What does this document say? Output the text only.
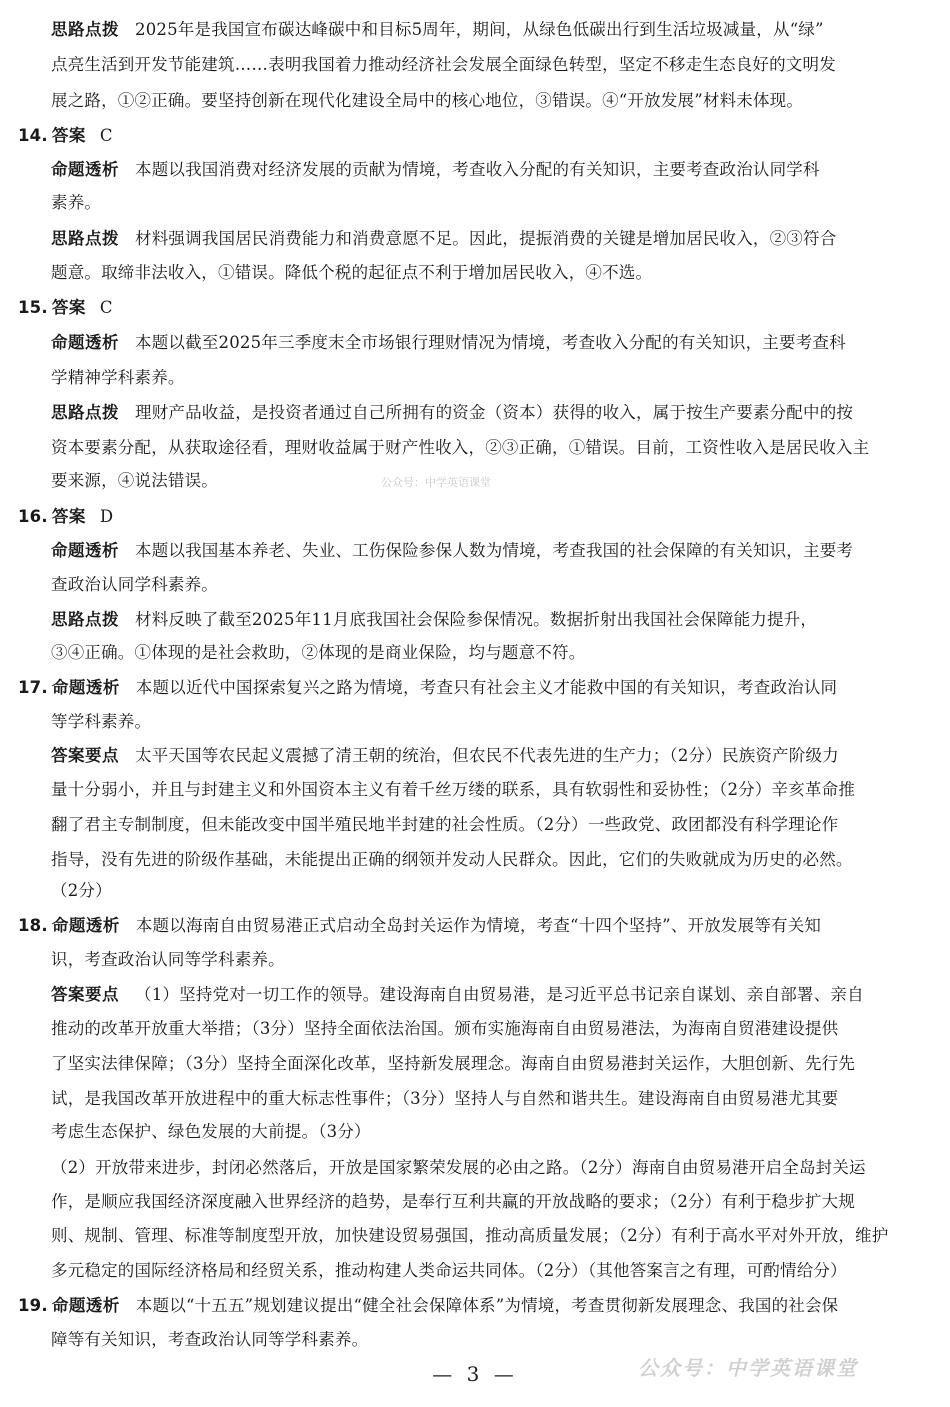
思路点拨 2025年是我国宣布碳达峰碳中和目标5周年，期间，从绿色低碳出行到生活垃圾减量，从“绿”
点亮生活到开发节能建筑……表明我国着力推动经济社会发展全面绿色转型，坚定不移走生态良好的文明发
展之路，①②正确。要坚持创新在现代化建设全局中的核心地位，③错误。④“开放发展”材料未体现。
14. 答案 C
命题透析 本题以我国消费对经济发展的贡献为情境，考查收入分配的有关知识，主要考查政治认同学科
素养。
思路点拨 材料强调我国居民消费能力和消费意愿不足。因此，提振消费的关键是增加居民收入，②③符合
题意。取缔非法收入，①错误。降低个税的起征点不利于增加居民收入，④不选。
15. 答案 C
命题透析 本题以截至2025年三季度末全市场银行理财情况为情境，考查收入分配的有关知识，主要考查科
学精神学科素养。
思路点拨 理财产品收益，是投资者通过自己所拥有的资金（资本）获得的收入，属于按生产要素分配中的按
资本要素分配，从获取途径看，理财收益属于财产性收入，②③正确，①错误。目前，工资性收入是居民收入主
要来源，④说法错误。
16. 答案 D
命题透析 本题以我国基本养老、失业、工伤保险参保人数为情境，考查我国的社会保障的有关知识，主要考
查政治认同学科素养。
思路点拨 材料反映了截至2025年11月底我国社会保险参保情况。数据折射出我国社会保障能力提升，
③④正确。①体现的是社会救助，②体现的是商业保险，均与题意不符。
17. 命题透析 本题以近代中国探索复兴之路为情境，考查只有社会主义才能救中国的有关知识，考查政治认同
等学科素养。
答案要点 太平天国等农民起义震撼了清王朝的统治，但农民不代表先进的生产力；（2分）民族资产阶级力
量十分弱小，并且与封建主义和外国资本主义有着千丝万缕的联系，具有软弱性和妥协性；（2分）辛亥革命推
翻了君主专制制度，但未能改变中国半殖民地半封建的社会性质。（2分）一些政党、政团都没有科学理论作
指导，没有先进的阶级作基础，未能提出正确的纲领并发动人民群众。因此，它们的失败就成为历史的必然。
（2分）
18. 命题透析 本题以海南自由贸易港正式启动全岛封关运作为情境，考查“十四个坚持”、开放发展等有关知
识，考查政治认同等学科素养。
答案要点 （1）坚持党对一切工作的领导。建设海南自由贸易港，是习近平总书记亲自谋划、亲自部署、亲自
推动的改革开放重大举措；（3分）坚持全面依法治国。颁布实施海南自由贸易港法，为海南自贸港建设提供
了坚实法律保障；（3分）坚持全面深化改革，坚持新发展理念。海南自由贸易港封关运作，大胆创新、先行先
试，是我国改革开放进程中的重大标志性事件；（3分）坚持人与自然和谐共生。建设海南自由贸易港尤其要
考虑生态保护、绿色发展的大前提。（3分）
（2）开放带来进步，封闭必然落后，开放是国家繁荣发展的必由之路。（2分）海南自由贸易港开启全岛封关运
作，是顺应我国经济深度融入世界经济的趋势，是奉行互利共赢的开放战略的要求；（2分）有利于稳步扩大规
则、规制、管理、标准等制度型开放，加快建设贸易强国，推动高质量发展；（2分）有利于高水平对外开放，维护
多元稳定的国际经济格局和经贸关系，推动构建人类命运共同体。（2分）（其他答案言之有理，可酌情给分）
19. 命题透析 本题以“十五五”规划建议提出“健全社会保障体系”为情境，考查贯彻新发展理念、我国的社会保
障等有关知识，考查政治认同等学科素养。
公众号：中学英语课堂
— 3 —	公众号：中学英语课堂
